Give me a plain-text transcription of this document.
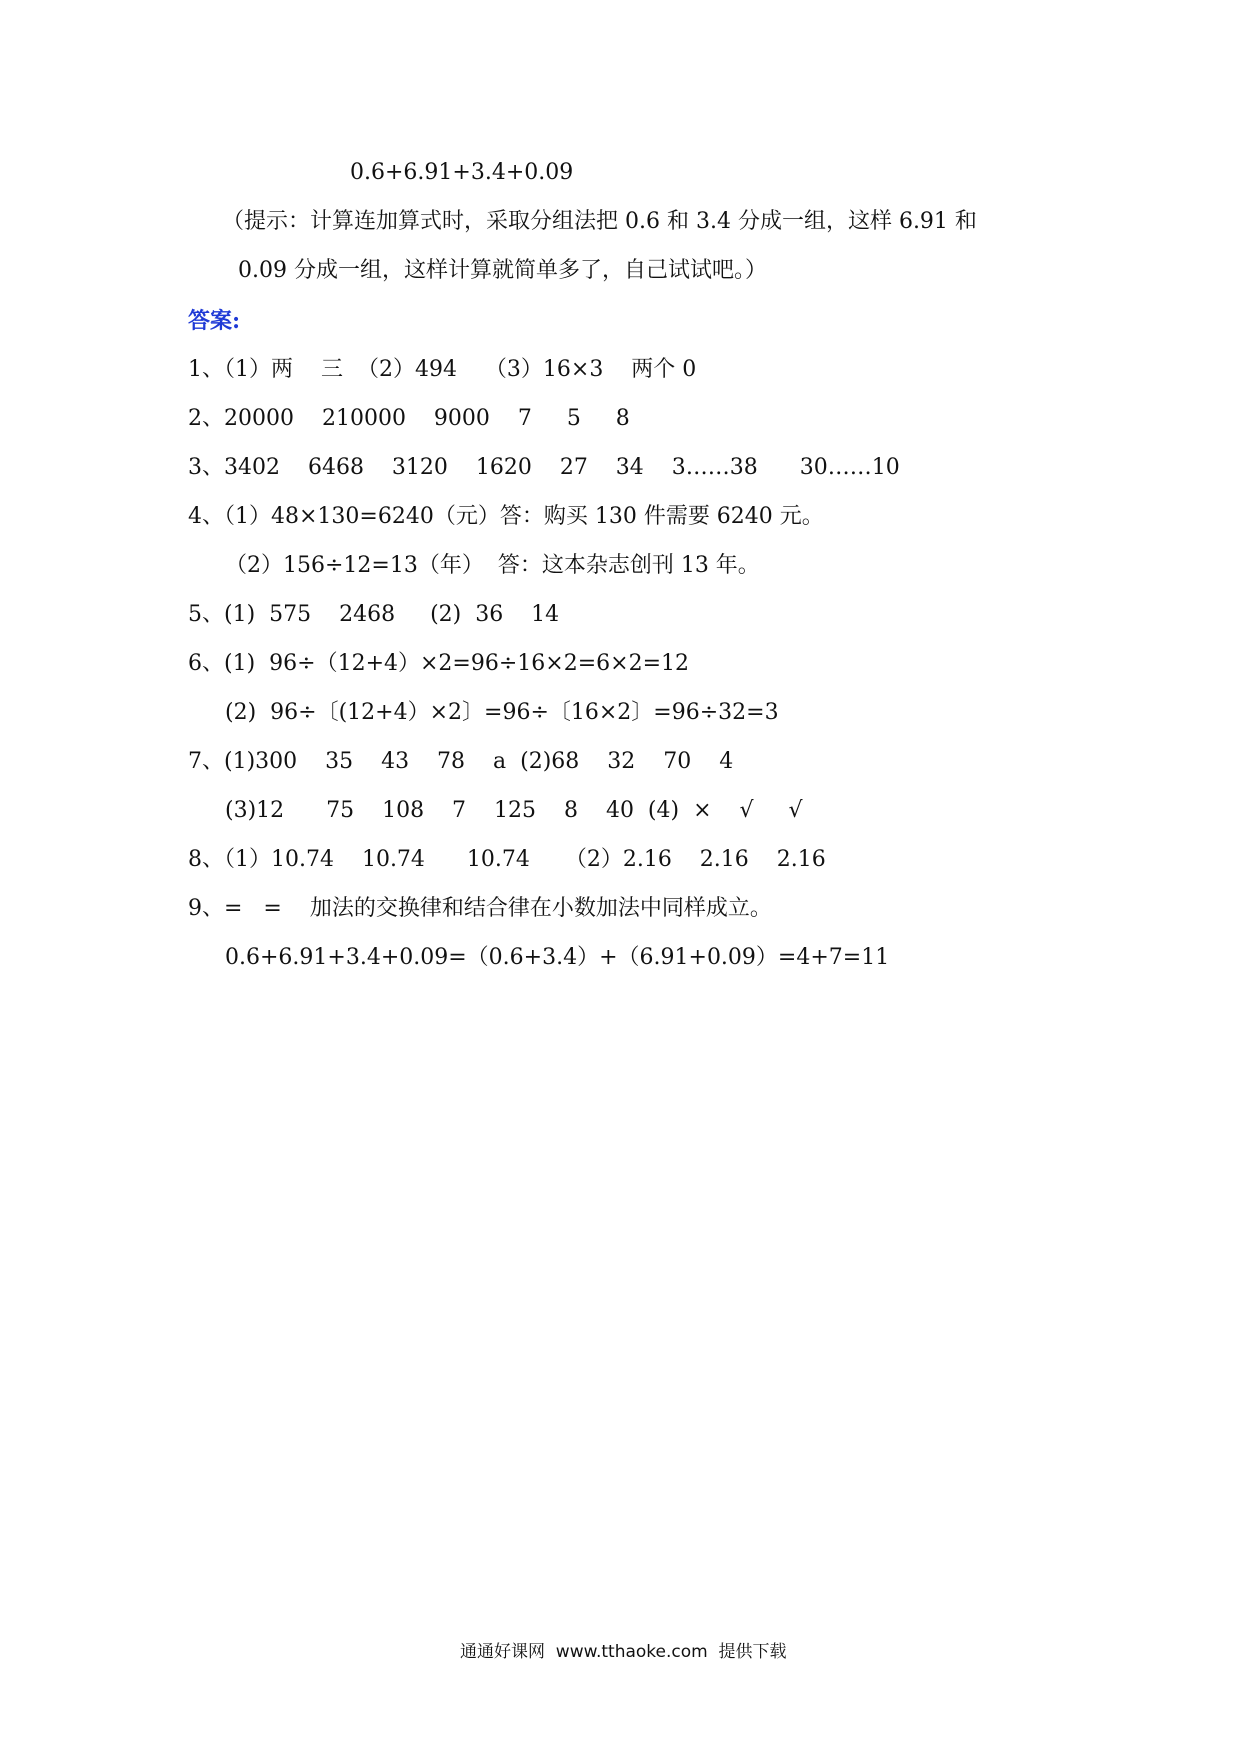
0.6+6.91+3.4+0.09
（提示：计算连加算式时，采取分组法把 0.6 和 3.4 分成一组，这样 6.91 和
0.09 分成一组，这样计算就简单多了，自己试试吧。）
答案:
1、（1）两    三  （2）494    （3）16×3    两个 0
2、20000    210000    9000    7     5     8
3、3402    6468    3120    1620    27    34    3……38      30……10
4、（1）48×130=6240（元）答：购买 130 件需要 6240 元。
（2）156÷12=13（年）  答：这本杂志创刊 13 年。
5、(1)  575    2468     (2)  36    14
6、(1)  96÷（12+4）×2=96÷16×2=6×2=12
(2)  96÷〔(12+4）×2〕=96÷〔16×2〕=96÷32=3
7、(1)300    35    43    78    a  (2)68    32    70    4
(3)12      75    108    7    125    8    40  (4)  ×    √     √
8、（1）10.74    10.74      10.74     （2）2.16    2.16    2.16
9、=   =    加法的交换律和结合律在小数加法中同样成立。
0.6+6.91+3.4+0.09=（0.6+3.4）+（6.91+0.09）=4+7=11
通通好课网  www.tthaoke.com  提供下载
